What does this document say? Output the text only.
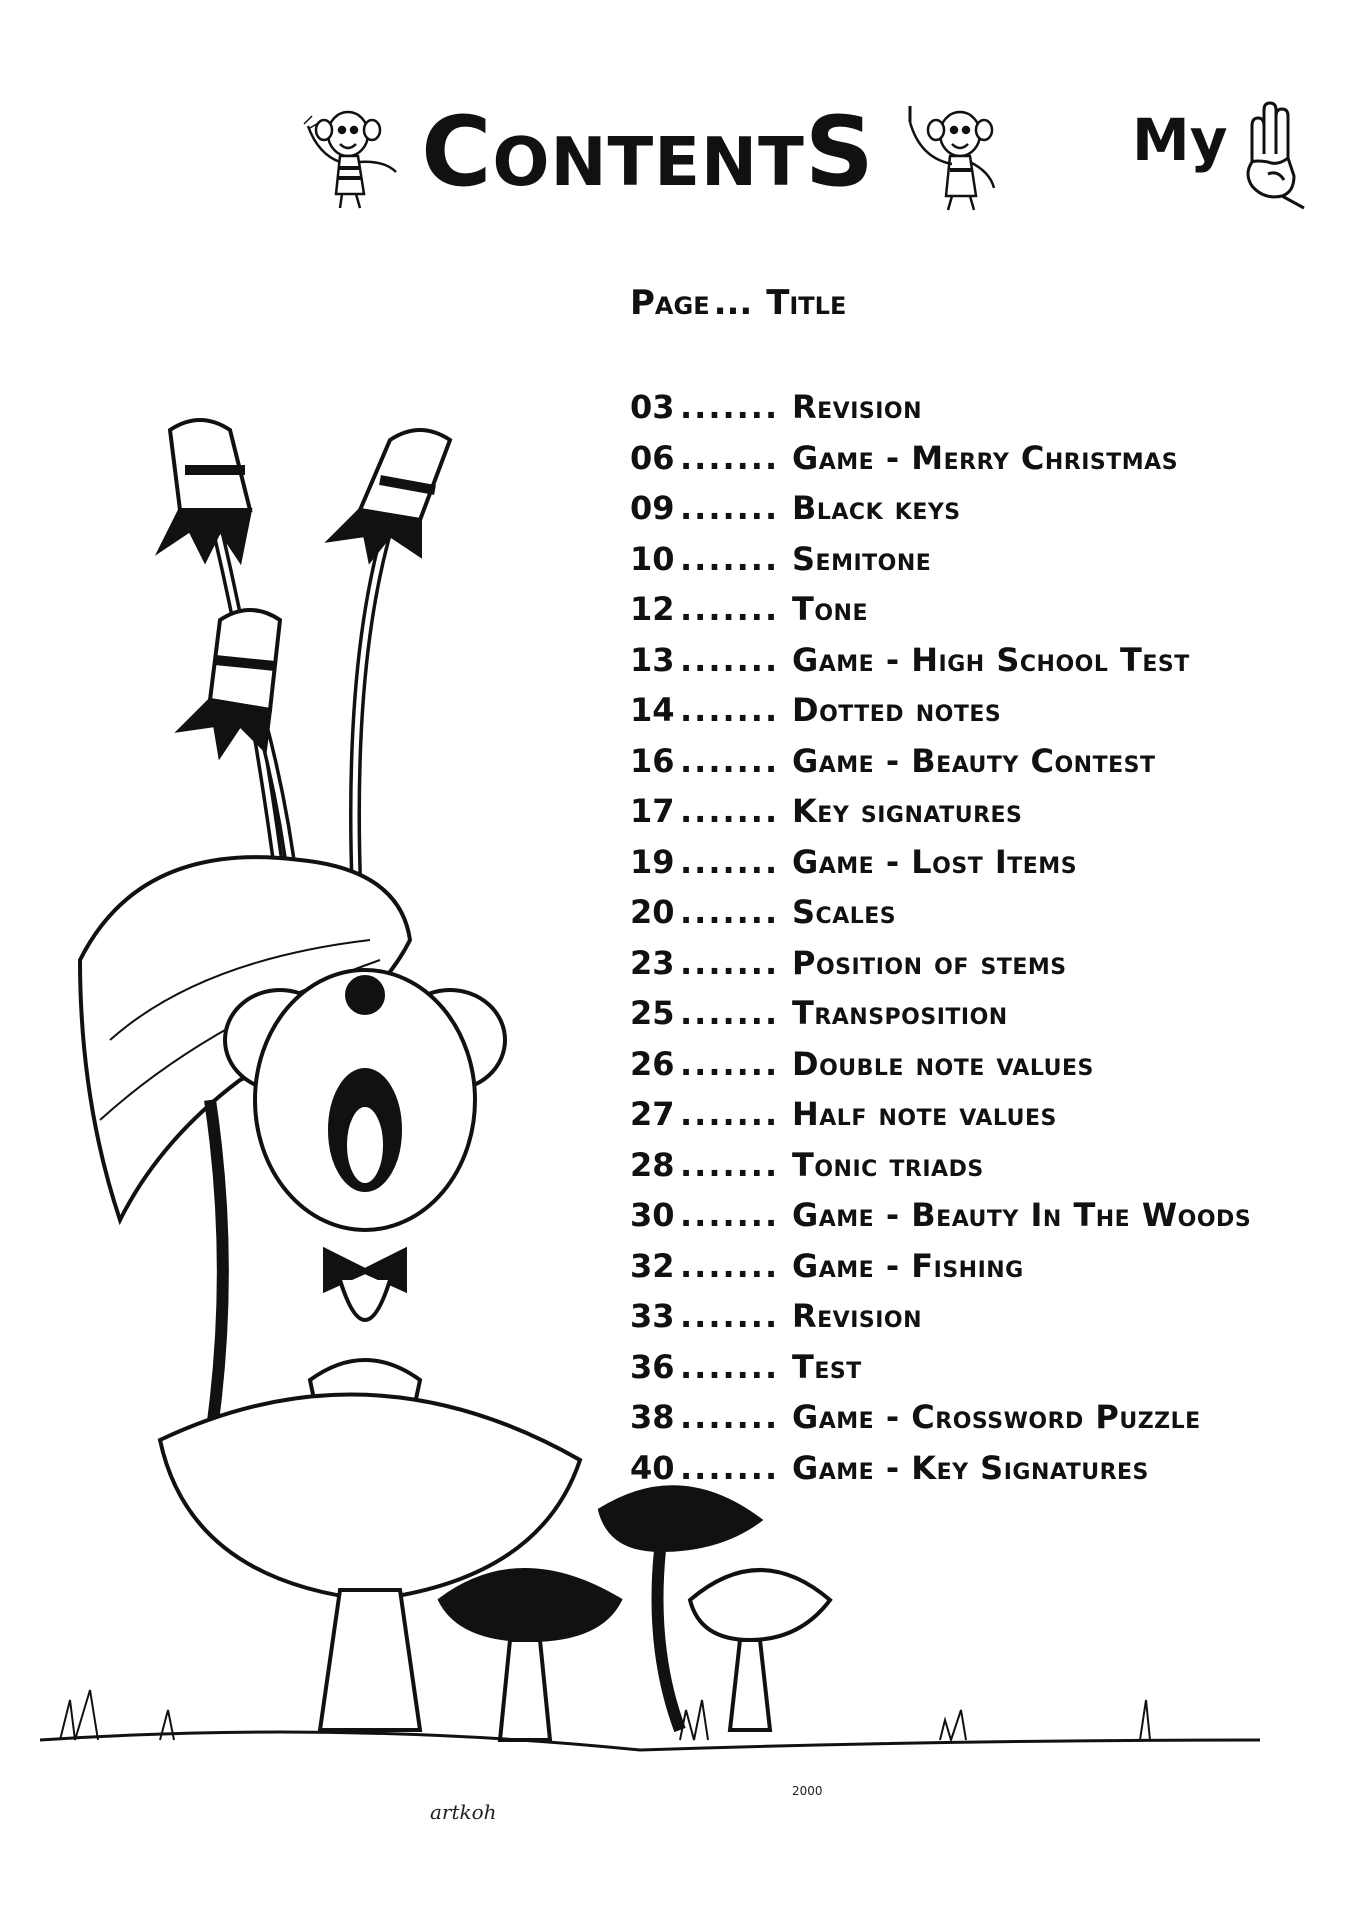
ContentS	My
Page ... Title
03 ....... Revision
06 ....... Game - Merry Christmas
09 ....... Black keys
10 ....... Semitone
12 ....... Tone
13 ....... Game - High School Test
14 ....... Dotted notes
16 ....... Game - Beauty Contest
17 ....... Key signatures
19 ....... Game - Lost Items
20 ....... Scales
23 ....... Position of stems
25 ....... Transposition
26 ....... Double note values
27 ....... Half note values
28 ....... Tonic triads
30 ....... Game - Beauty In The Woods
32 ....... Game - Fishing
33 ....... Revision
36 ....... Test
38 ....... Game - Crossword Puzzle
40 ....... Game - Key Signatures
artkoh
2000
